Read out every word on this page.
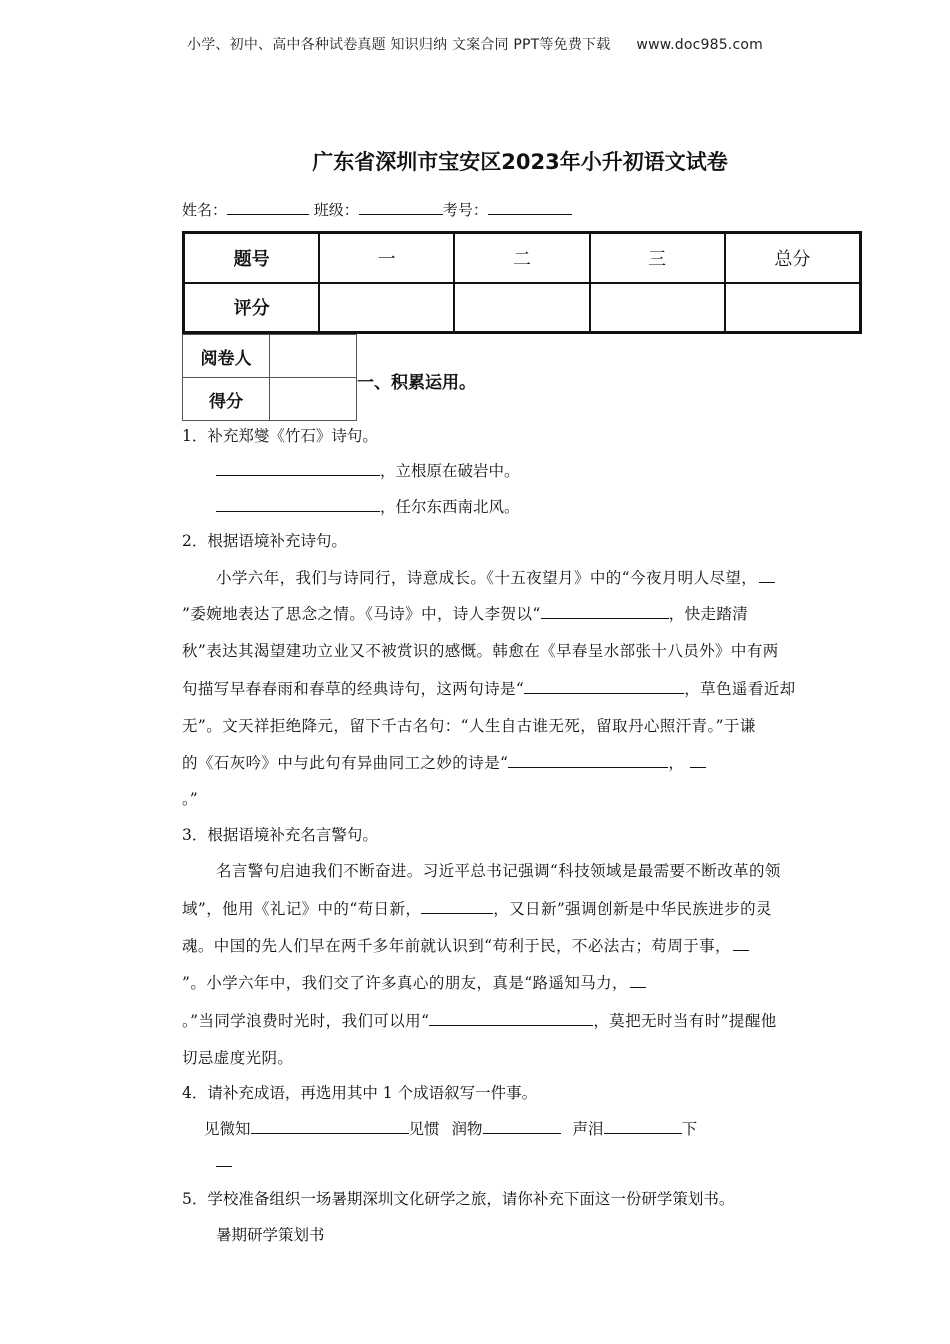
小学、初中、高中各种试卷真题 知识归纳 文案合同 PPT等免费下载 www.doc985.com
广东省深圳市宝安区2023年小升初语文试卷
姓名：	班级：	考号：
题号	一	二	三	总分
评分				
阅卷人	
得分	
一、积累运用。
1．补充郑燮《竹石》诗句。
，立根原在破岩中。
，任尔东西南北风。
2．根据语境补充诗句。
小学六年，我们与诗同行，诗意成长。《十五夜望月》中的“今夜月明人尽望，
”委婉地表达了思念之情。《马诗》中，诗人李贺以“	，快走踏清
秋”表达其渴望建功立业又不被赏识的感慨。韩愈在《早春呈水部张十八员外》中有两
句描写早春春雨和春草的经典诗句，这两句诗是“	，草色遥看近却
无”。文天祥拒绝降元，留下千古名句：“人生自古谁无死，留取丹心照汗青。”于谦
的《石灰吟》中与此句有异曲同工之妙的诗是“	，
。”
3．根据语境补充名言警句。
名言警句启迪我们不断奋进。习近平总书记强调“科技领域是最需要不断改革的领
域”，他用《礼记》中的“苟日新，	，又日新”强调创新是中华民族进步的灵
魂。中国的先人们早在两千多年前就认识到“苟利于民，不必法古；苟周于事，
”。小学六年中，我们交了许多真心的朋友，真是“路遥知马力，
。”当同学浪费时光时，我们可以用“	，莫把无时当有时”提醒他
切忌虚度光阴。
4．请补充成语，再选用其中 1 个成语叙写一件事。
见微知	见惯 润物	声泪	下
5．学校准备组织一场暑期深圳文化研学之旅，请你补充下面这一份研学策划书。
暑期研学策划书
